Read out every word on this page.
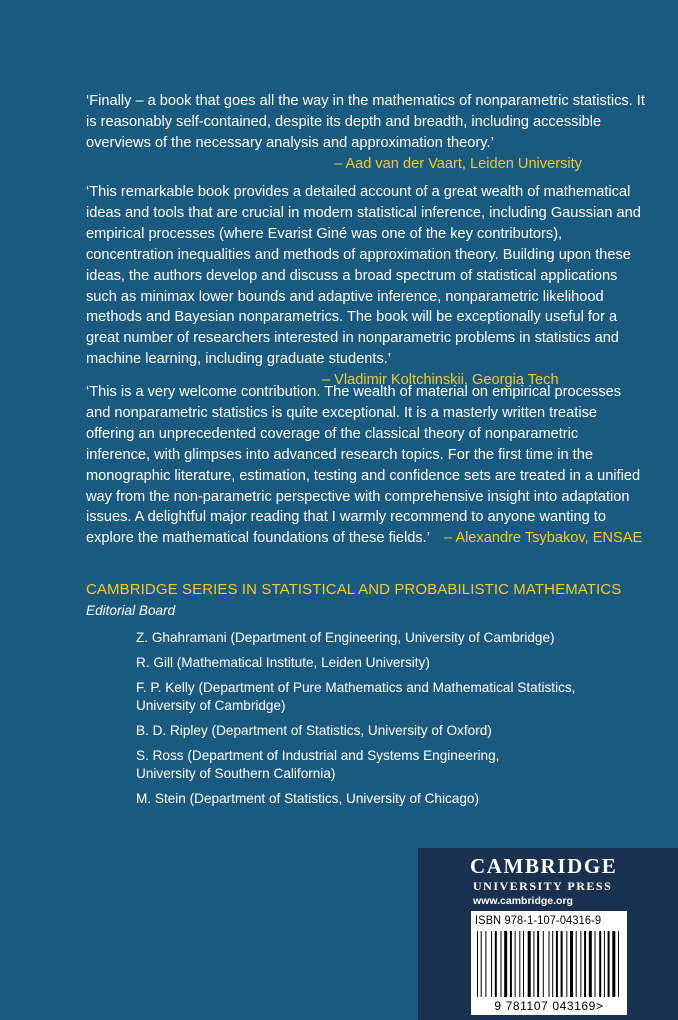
‘Finally – a book that goes all the way in the mathematics of nonparametric statistics. It is reasonably self-contained, despite its depth and breadth, including accessible overviews of the necessary analysis and approximation theory.’

– Aad van der Vaart, Leiden University

‘This remarkable book provides a detailed account of a great wealth of mathematical ideas and tools that are crucial in modern statistical inference, including Gaussian and empirical processes (where Evarist Giné was one of the key contributors), concentration inequalities and methods of approximation theory. Building upon these ideas, the authors develop and discuss a broad spectrum of statistical applications such as minimax lower bounds and adaptive inference, nonparametric likelihood methods and Bayesian nonparametrics. The book will be exceptionally useful for a great number of researchers interested in nonparametric problems in statistics and machine learning, including graduate students.’

– Vladimir Koltchinskii, Georgia Tech

‘This is a very welcome contribution. The wealth of material on empirical processes and nonparametric statistics is quite exceptional. It is a masterly written treatise offering an unprecedented coverage of the classical theory of nonparametric inference, with glimpses into advanced research topics. For the first time in the monographic literature, estimation, testing and confidence sets are treated in a unified way from the non-parametric perspective with comprehensive insight into adaptation issues. A delightful major reading that I warmly recommend to anyone wanting to explore the mathematical foundations of these fields.’ – Alexandre Tsybakov, ENSAE

CAMBRIDGE SERIES IN STATISTICAL AND PROBABILISTIC MATHEMATICS
Editorial Board
Z. Ghahramani (Department of Engineering, University of Cambridge)
R. Gill (Mathematical Institute, Leiden University)
F. P. Kelly (Department of Pure Mathematics and Mathematical Statistics,
University of Cambridge)
B. D. Ripley (Department of Statistics, University of Oxford)
S. Ross (Department of Industrial and Systems Engineering,
University of Southern California)
M. Stein (Department of Statistics, University of Chicago)
CAMBRIDGE
UNIVERSITY PRESS
www.cambridge.org
ISBN 978-1-107-04316-9
9 781107 043169>
